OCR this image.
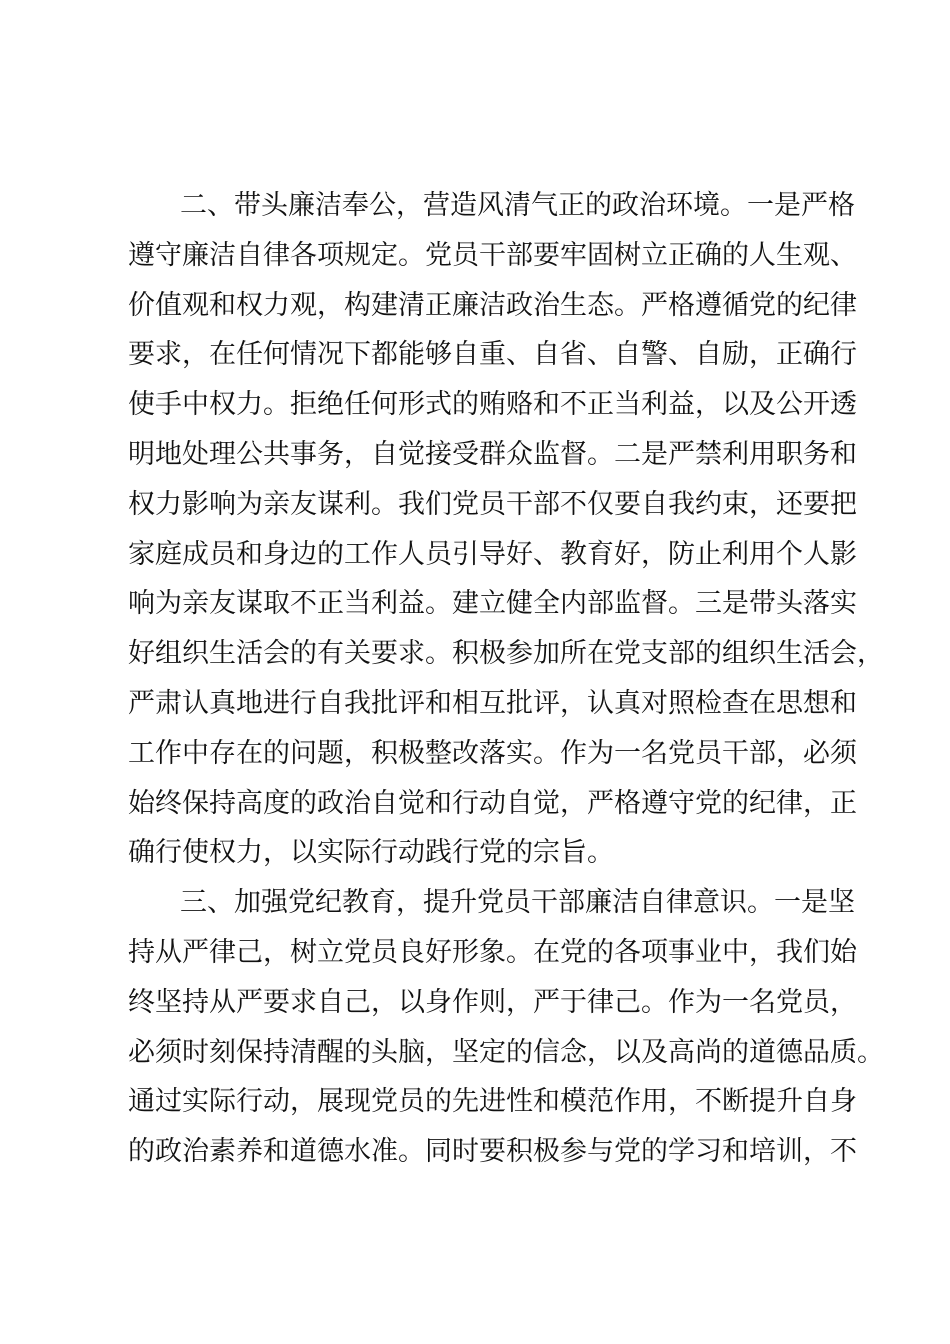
二、带头廉洁奉公，营造风清气正的政治环境。一是严格
遵守廉洁自律各项规定。党员干部要牢固树立正确的人生观、
价值观和权力观，构建清正廉洁政治生态。严格遵循党的纪律
要求，在任何情况下都能够自重、自省、自警、自励，正确行
使手中权力。拒绝任何形式的贿赂和不正当利益，以及公开透
明地处理公共事务，自觉接受群众监督。二是严禁利用职务和
权力影响为亲友谋利。我们党员干部不仅要自我约束，还要把
家庭成员和身边的工作人员引导好、教育好，防止利用个人影
响为亲友谋取不正当利益。建立健全内部监督。三是带头落实
好组织生活会的有关要求。积极参加所在党支部的组织生活会，
严肃认真地进行自我批评和相互批评，认真对照检查在思想和
工作中存在的问题，积极整改落实。作为一名党员干部，必须
始终保持高度的政治自觉和行动自觉，严格遵守党的纪律，正
确行使权力，以实际行动践行党的宗旨。
三、加强党纪教育，提升党员干部廉洁自律意识。一是坚
持从严律己，树立党员良好形象。在党的各项事业中，我们始
终坚持从严要求自己，以身作则，严于律己。作为一名党员，
必须时刻保持清醒的头脑，坚定的信念，以及高尚的道德品质。
通过实际行动，展现党员的先进性和模范作用，不断提升自身
的政治素养和道德水准。同时要积极参与党的学习和培训，不
